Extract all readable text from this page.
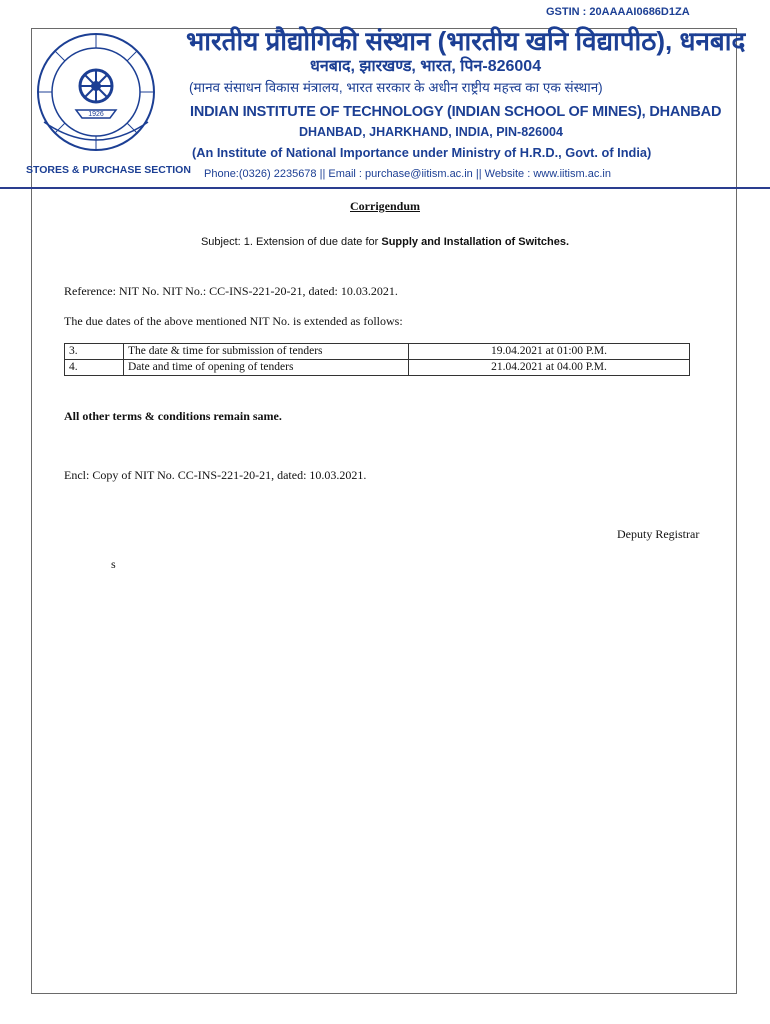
1926
GSTIN : 20AAAAI0686D1ZA
भारतीय प्रौद्योगिकी संस्थान (भारतीय खनि विद्यापीठ), धनबाद
धनबाद, झारखण्ड, भारत, पिन-826004
(मानव संसाधन विकास मंत्रालय, भारत सरकार के अधीन राष्ट्रीय महत्त्व का एक संस्थान)
INDIAN INSTITUTE OF TECHNOLOGY (INDIAN SCHOOL OF MINES), DHANBAD
DHANBAD, JHARKHAND, INDIA, PIN-826004
(An Institute of National Importance under Ministry of H.R.D., Govt. of India)
STORES & PURCHASE SECTION Phone:(0326) 2235678 || Email : purchase@iitism.ac.in || Website : www.iitism.ac.in
Corrigendum
Subject: 1. Extension of due date for Supply and Installation of Switches.
Reference: NIT No. NIT No.: CC-INS-221-20-21, dated: 10.03.2021.
The due dates of the above mentioned NIT No. is extended as follows:
3.	The date & time for submission of tenders	19.04.2021 at 01:00 P.M.
4.	Date and time of opening of tenders	21.04.2021 at 04.00 P.M.
All other terms & conditions remain same.
Encl: Copy of NIT No. CC-INS-221-20-21, dated: 10.03.2021.
Deputy Registrar
s
